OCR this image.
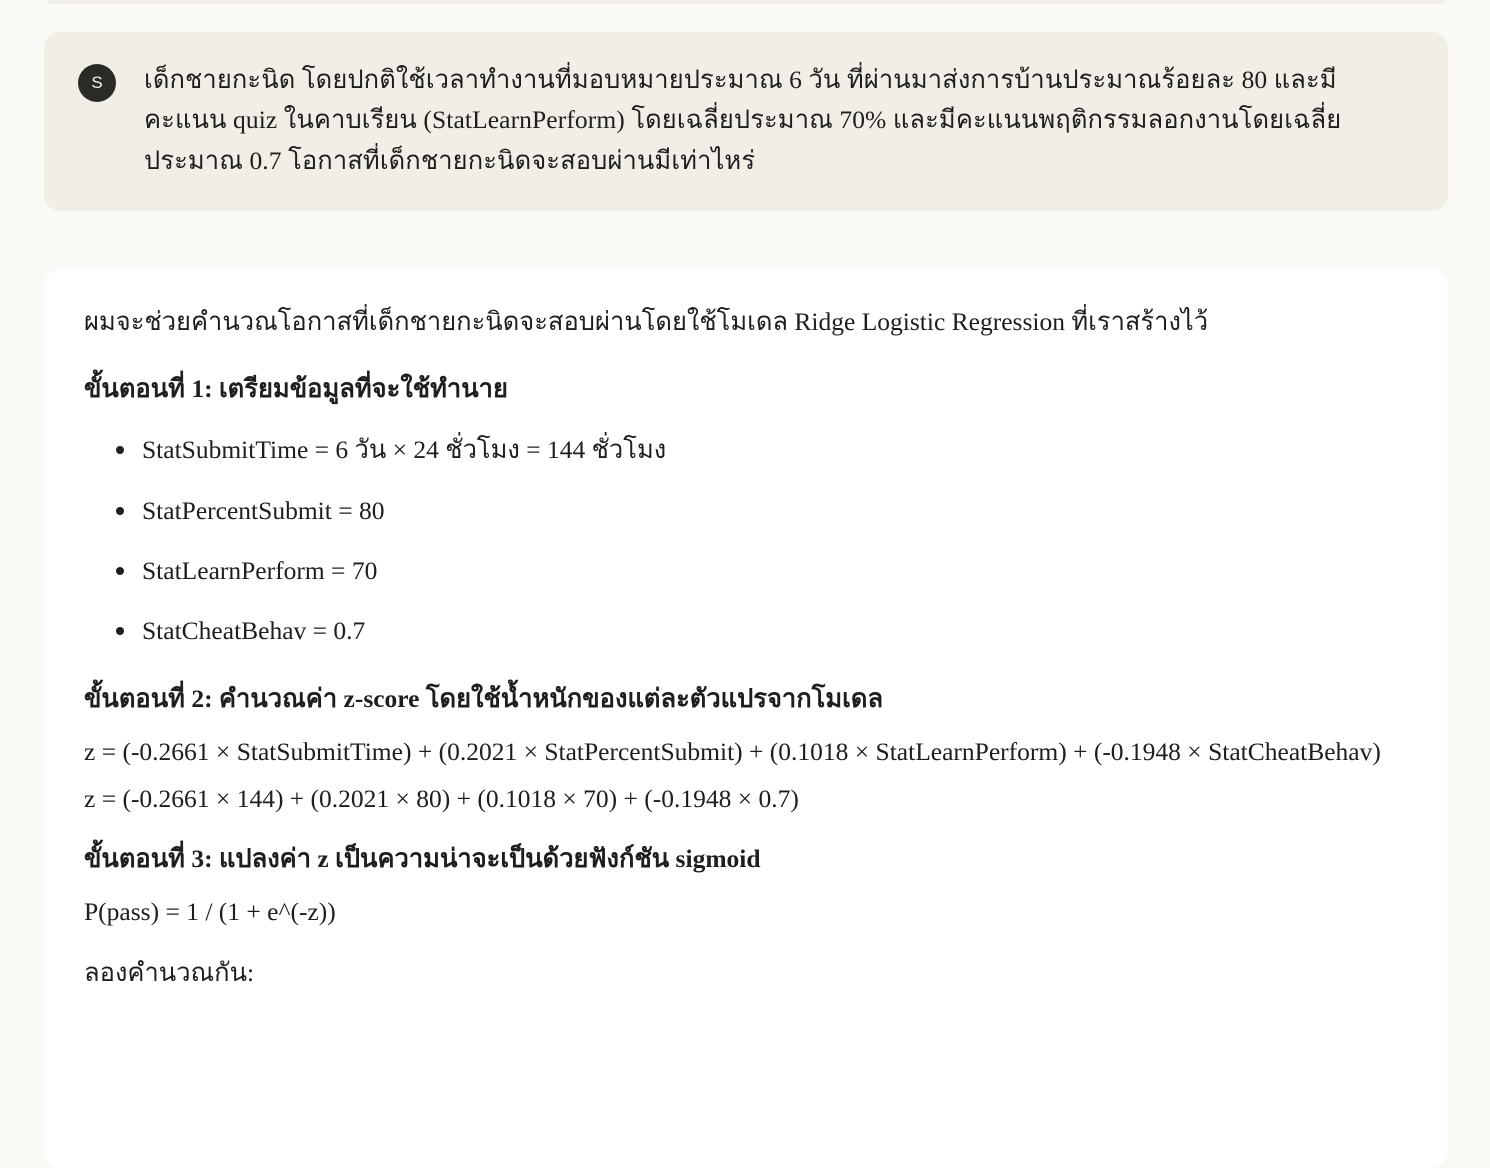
S	เด็กชายกะนิด โดยปกติใช้เวลาทำงานที่มอบหมายประมาณ 6 วัน ที่ผ่านมาส่งการบ้านประมาณร้อยละ 80 และมีคะแนน quiz ในคาบเรียน (StatLearnPerform) โดยเฉลี่ยประมาณ 70% และมีคะแนนพฤติกรรมลอกงานโดยเฉลี่ยประมาณ 0.7 โอกาสที่เด็กชายกะนิดจะสอบผ่านมีเท่าไหร่

ผมจะช่วยคำนวณโอกาสที่เด็กชายกะนิดจะสอบผ่านโดยใช้โมเดล Ridge Logistic Regression ที่เราสร้างไว้

ขั้นตอนที่ 1: เตรียมข้อมูลที่จะใช้ทำนาย

StatSubmitTime = 6 วัน × 24 ชั่วโมง = 144 ชั่วโมง
StatPercentSubmit = 80
StatLearnPerform = 70
StatCheatBehav = 0.7

ขั้นตอนที่ 2: คำนวณค่า z-score โดยใช้น้ำหนักของแต่ละตัวแปรจากโมเดล

z = (-0.2661 × StatSubmitTime) + (0.2021 × StatPercentSubmit) + (0.1018 × StatLearnPerform) + (-0.1948 × StatCheatBehav)

z = (-0.2661 × 144) + (0.2021 × 80) + (0.1018 × 70) + (-0.1948 × 0.7)

ขั้นตอนที่ 3: แปลงค่า z เป็นความน่าจะเป็นด้วยฟังก์ชัน sigmoid

P(pass) = 1 / (1 + e^(-z))

ลองคำนวณกัน:
